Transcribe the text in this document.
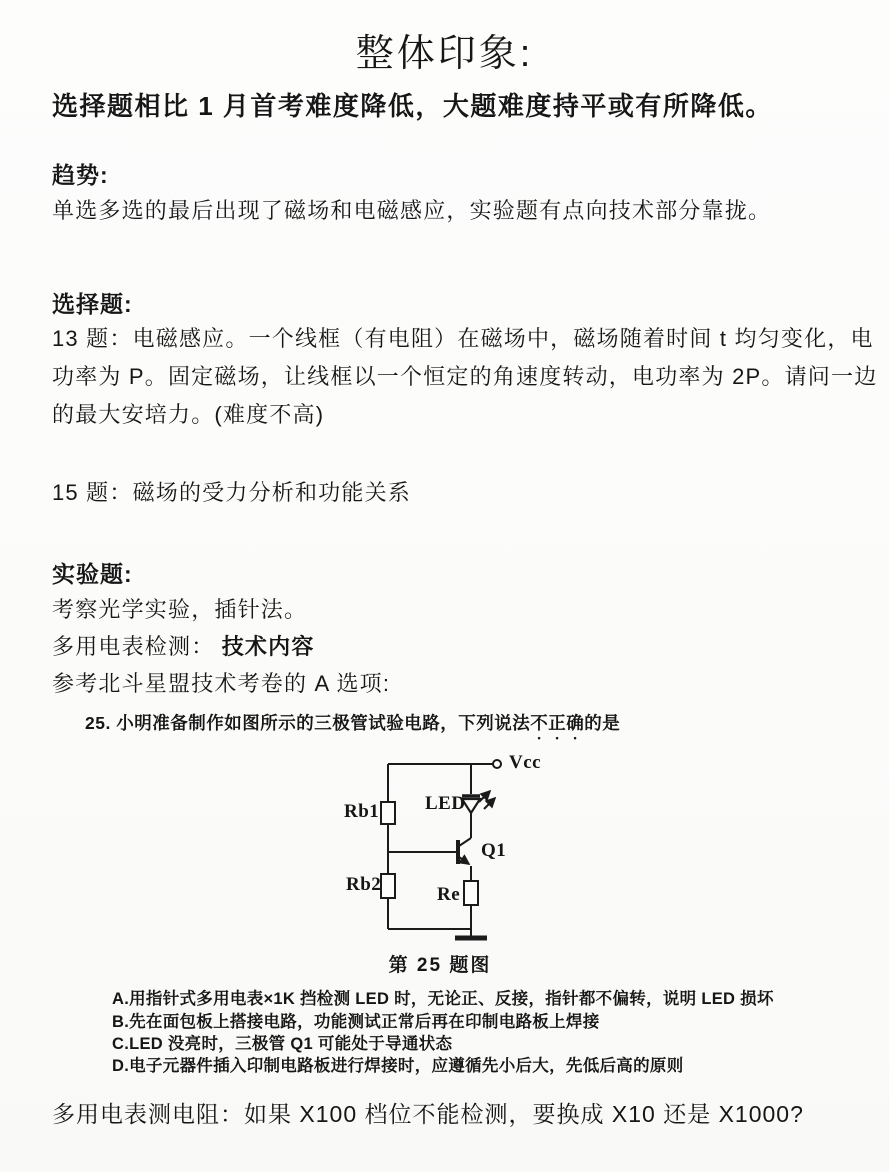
整体印象:
选择题相比 1 月首考难度降低，大题难度持平或有所降低。
趋势:
单选多选的最后出现了磁场和电磁感应，实验题有点向技术部分靠拢。
选择题:
13 题：电磁感应。一个线框（有电阻）在磁场中，磁场随着时间 t 均匀变化，电
功率为 P。固定磁场，让线框以一个恒定的角速度转动，电功率为 2P。请问一边
的最大安培力。(难度不高)
15 题：磁场的受力分析和功能关系
实验题:
考察光学实验，插针法。
多用电表检测： 技术内容
参考北斗星盟技术考卷的 A 选项:
25. 小明准备制作如图所示的三极管试验电路，下列说法不正确的是
Vcc
Rb1
Rb2
LED
Q1
Re
第 25 题图
A.用指针式多用电表×1K 挡检测 LED 时，无论正、反接，指针都不偏转，说明 LED 损坏
B.先在面包板上搭接电路，功能测试正常后再在印制电路板上焊接
C.LED 没亮时，三极管 Q1 可能处于导通状态
D.电子元器件插入印制电路板进行焊接时，应遵循先小后大，先低后高的原则
多用电表测电阻：如果 X100 档位不能检测，要换成 X10 还是 X1000?
